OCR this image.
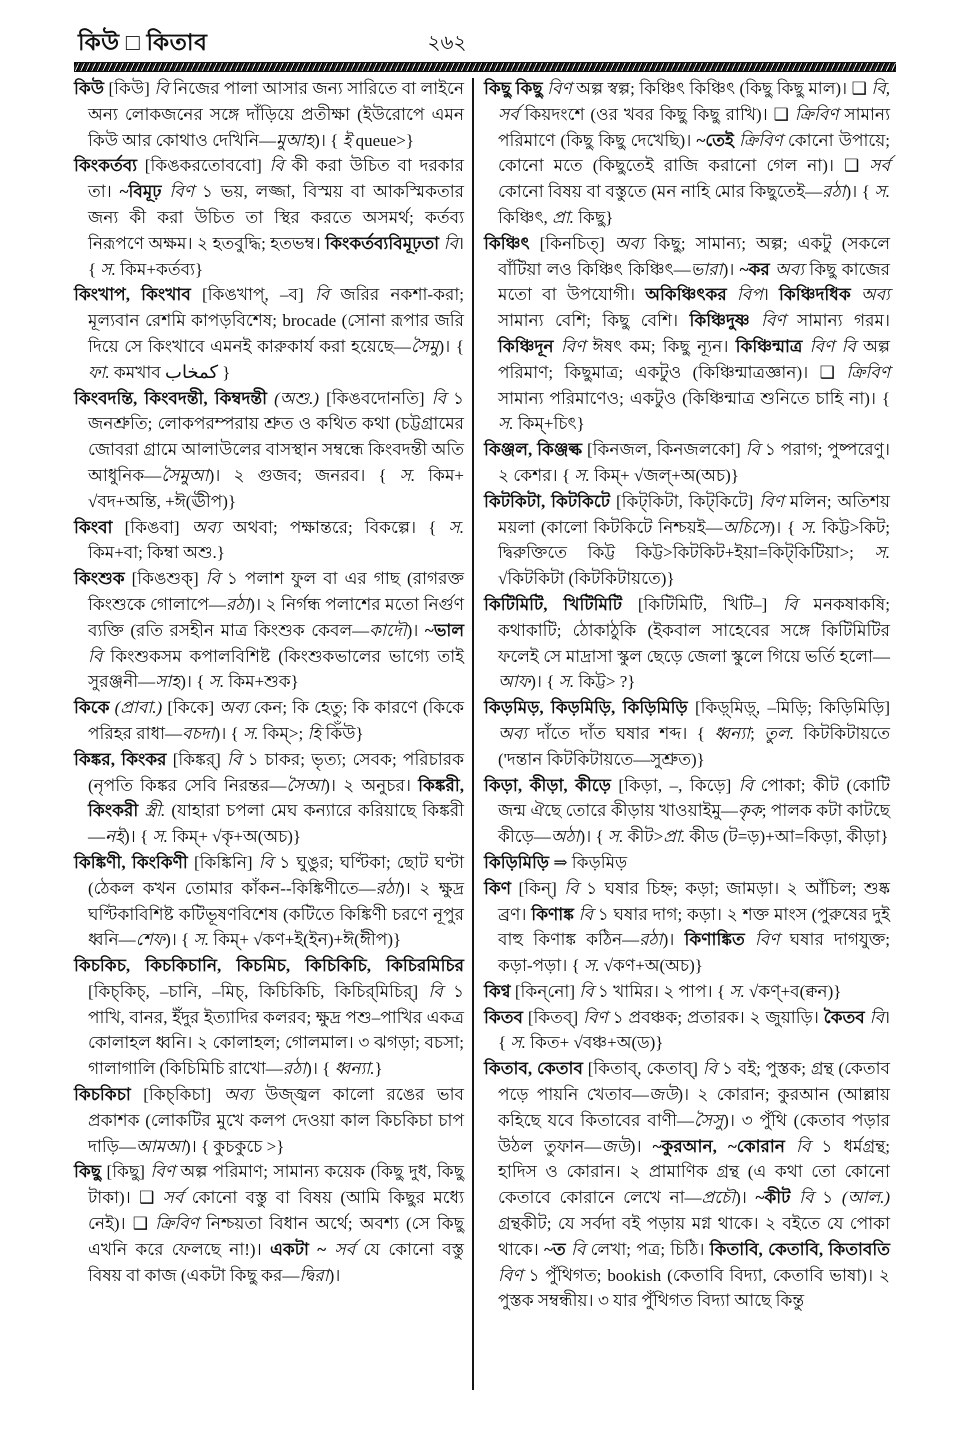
কিউ □ কিতাব	২৬২

কিউ [কিউ] বি নিজের পালা আসার জন্য সারিতে বা লাইনে অন্য লোকজনের সঙ্গে দাঁড়িয়ে প্রতীক্ষা (ইউরোপে এমন কিউ আর কোথাও দেখিনি—মুআহ)। { ই queue>}

কিংকর্তব্য [কিঙকরতোববো] বি কী করা উচিত বা দরকার তা। ~বিমূঢ় বিণ ১ ভয়, লজ্জা, বিস্ময় বা আকস্মিকতার জন্য কী করা উচিত তা স্থির করতে অসমর্থ; কর্তব্য নিরূপণে অক্ষম। ২ হতবুদ্ধি; হতভম্ব। কিংকর্তব্যবিমূঢ়তা বি। { স. কিম+কর্তব্য}

কিংখাপ, কিংখাব [কিঙখাপ্, –ব] বি জরির নকশা-করা; মূল্যবান রেশমি কাপড়বিশেষ; brocade (সোনা রূপার জরি দিয়ে সে কিংখাবে এমনই কারুকার্য করা হয়েছে—সৈমু)। { ফা. কমখাব كمخاب }

কিংবদন্তি, কিংবদন্তী, কিম্বদন্তী (অশু.) [কিঙবদোনতি] বি ১ জনশ্রুতি; লোকপরম্পরায় শ্রুত ও কথিত কথা (চট্টগ্রামের জোবরা গ্রামে আলাউলের বাসস্থান সম্বন্ধে কিংবদন্তী অতি আধুনিক—সৈমুআ)। ২ গুজব; জনরব। { স. কিম+ √বদ+অন্তি, +ঈ(ঊীপ)}

কিংবা [কিঙবা] অব্য অথবা; পক্ষান্তরে; বিকল্পে। { স. কিম+বা; কিম্বা অশু.}

কিংশুক [কিঙশুক্] বি ১ পলাশ ফুল বা এর গাছ (রাগরক্ত কিংশুকে গোলাপে—রঠা)। ২ নির্গন্ধ পলাশের মতো নির্গুণ ব্যক্তি (রতি রসহীন মাত্র কিংশুক কেবল—কাদৌ)। ~ভাল বি কিংশুকসম কপালবিশিষ্ট (কিংশুকভালের ভাগ্যে তাই সুরঞ্জনী—সাহ)। { স. কিম+শুক}

কিকে (প্রাবা.) [কিকে] অব্য কেন; কি হেতু; কি কারণে (কিকে পরিহর রাধা—বচদা)। { স. কিম্>; হি কিঁউ}

কিঙ্কর, কিংকর [কিঙ্কর্] বি ১ চাকর; ভৃত্য; সেবক; পরিচারক (নৃপতি কিঙ্কর সেবি নিরন্তর—সৈআ)। ২ অনুচর। কিঙ্করী, কিংকরী স্ত্রী. (যাহারা চপলা মেঘ কন্যারে করিয়াছে কিঙ্করী—নই)। { স. কিম্+ √কৃ+অ(অচ)}

কিঙ্কিণী, কিংকিণী [কিঙ্কিনি] বি ১ ঘুঙুর; ঘণ্টিকা; ছোট ঘণ্টা (ঠেকল কখন তোমার কাঁকন--কিঙ্কিণীতে—রঠা)। ২ ক্ষুদ্র ঘণ্টিকাবিশিষ্ট কটিভূষণবিশেষ (কটিতে কিঙ্কিণী চরণে নূপুর ধ্বনি—শেফ)। { স. কিম্+ √কণ+ই(ইন)+ঈ(ঈীপ)}

কিচকিচ, কিচকিচানি, কিচমিচ, কিচিকিচি, কিচিরমিচির [কিচ্‌কিচ্, –চানি, –মিচ্, কিচিকিচি, কিচির্‌মিচির্] বি ১ পাখি, বানর, ইঁদুর ইত্যাদির কলরব; ক্ষুদ্র পশু–পাখির একত্র কোলাহল ধ্বনি। ২ কোলাহল; গোলমাল। ৩ ঝগড়া; বচসা; গালাগালি (কিচিমিচি রাখো—রঠা)। { ধ্বন্যা.}

কিচকিচা [কিচ্‌কিচা] অব্য উজ্জ্বল কালো রঙের ভাব প্রকাশক (লোকটির মুখে কলপ দেওয়া কাল কিচকিচা চাপ দাড়ি—আমআ)। { কুচকুচে >}

কিছু [কিছু] বিণ অল্প পরিমাণ; সামান্য কয়েক (কিছু দুধ, কিছু টাকা)। ❑ সর্ব কোনো বস্তু বা বিষয় (আমি কিছুর মধ্যে নেই)। ❑ ক্রিবিণ নিশ্চয়তা বিধান অর্থে; অবশ্য (সে কিছু এখনি করে ফেলছে না!)। একটা ~ সর্ব যে কোনো বস্তু বিষয় বা কাজ (একটা কিছু কর—দ্বিরা)।

কিছু কিছু বিণ অল্প স্বল্প; কিঞ্চিৎ কিঞ্চিৎ (কিছু কিছু মাল)। ❑ বি, সর্ব কিয়দংশে (ওর খবর কিছু কিছু রাখি)। ❑ ক্রিবিণ সামান্য পরিমাণে (কিছু কিছু দেখেছি)। ~তেই ক্রিবিণ কোনো উপায়ে; কোনো মতে (কিছুতেই রাজি করানো গেল না)। ❑ সর্ব কোনো বিষয় বা বস্তুতে (মন নাহি মোর কিছুতেই—রঠা)। { স. কিঞ্চিৎ, প্রা. কিছু}

কিঞ্চিৎ [কিনচিত্] অব্য কিছু; সামান্য; অল্প; একটু (সকলে বাঁটিয়া লও কিঞ্চিৎ কিঞ্চিৎ—ভারা)। ~কর অব্য কিছু কাজের মতো বা উপযোগী। অকিঞ্চিৎকর বিপ। কিঞ্চিদধিক অব্য সামান্য বেশি; কিছু বেশি। কিঞ্চিদুষ্ণ বিণ সামান্য গরম। কিঞ্চিদূন বিণ ঈষৎ কম; কিছু ন্যূন। কিঞ্চিন্মাত্র বিণ বি অল্প পরিমাণ; কিছুমাত্র; একটুও (কিঞ্চিন্মাত্রজ্ঞান)। ❑ ক্রিবিণ সামান্য পরিমাণেও; একটুও (কিঞ্চিন্মাত্র শুনিতে চাহি না)। { স. কিম্+চিৎ}

কিঞ্জল, কিঞ্জল্ক [কিনজল, কিনজলকো] বি ১ পরাগ; পুষ্পরেণু। ২ কেশর। { স. কিম্+ √জল্+অ(অচ)}

কিটকিটা, কিটকিটে [কিট্‌কিটা, কিট্‌কিটে] বিণ মলিন; অতিশয় ময়লা (কালো কিটকিটে নিশ্চয়ই—অচিসে)। { স. কিট্ট>কিট; দ্বিরুক্তিতে কিট্ট কিট্ট>কিটকিট+ইয়া=কিট্‌কিটিয়া>; স. √কিটকিটা (কিটকিটায়তে)}

কিটিমিটি, খিটিমিটি [কিটিমিটি, খিটি–] বি মনকষাকষি; কথাকাটি; ঠোকাঠুকি (ইকবাল সাহেবের সঙ্গে কিটিমিটির ফলেই সে মাদ্রাসা স্কুল ছেড়ে জেলা স্কুলে গিয়ে ভর্তি হলো—আফ)। { স. কিট্ট> ?}

কিড়মিড়, কিড়মিড়ি, কিড়িমিড়ি [কিড়্‌মিড়্, –মিড়ি; কিড়িমিড়ি] অব্য দাঁতে দাঁত ঘষার শব্দ। { ধ্বন্যা; তুল. কিটকিটায়তে ('দন্তান কিটকিটায়তে—সুশ্রুত)}

কিড়া, কীড়া, কীড়ে [কিড়া, –, কিড়ে] বি পোকা; কীট (কোটি জন্ম ঐছে তোরে কীড়ায় খাওয়াইমু—কৃক; পালক কটা কাটছে কীড়ে—অঠা)। { স. কীট>প্রা. কীড (ট=ড়)+আ=কিড়া, কীড়া}

কিড়িমিড়ি ⇒ কিড়মিড়

কিণ [কিন্] বি ১ ঘষার চিহ্ন; কড়া; জামড়া। ২ আঁচিল; শুষ্ক ব্রণ। কিণাঙ্ক বি ১ ঘষার দাগ; কড়া। ২ শক্ত মাংস (পুরুষের দুই বাহু কিণাঙ্ক কঠিন—রঠা)। কিণাঙ্কিত বিণ ঘষার দাগযুক্ত; কড়া-পড়া। { স. √কণ+অ(অচ)}

কিণ্ব [কিন্‌নো] বি ১ খামির। ২ পাপ। { স. √কণ্+ব(ক্বন)}

কিতব [কিতব্] বিণ ১ প্রবঞ্চক; প্রতারক। ২ জুয়াড়ি। কৈতব বি। { স. কিত+ √বঞ্চ+অ(ড)}

কিতাব, কেতাব [কিতাব্, কেতাব্] বি ১ বই; পুস্তক; গ্রন্থ (কেতাব পড়ে পায়নি খেতাব—জউ)। ২ কোরান; কুরআন (আল্লায় কহিছে যবে কিতাবের বাণী—সৈসু)। ৩ পুঁথি (কেতাব পড়ার উঠল তুফান—জউ)। ~কুরআন, ~কোরান বি ১ ধর্মগ্রন্থ; হাদিস ও কোরান। ২ প্রামাণিক গ্রন্থ (এ কথা তো কোনো কেতাবে কোরানে লেখে না—প্রচৌ)। ~কীট বি ১ (আল.) গ্রন্থকীট; যে সর্বদা বই পড়ায় মগ্ন থাকে। ২ বইতে যে পোকা থাকে। ~ত বি লেখা; পত্র; চিঠি। কিতাবি, কেতাবি, কিতাবতি বিণ ১ পুঁথিগত; bookish (কেতাবি বিদ্যা, কেতাবি ভাষা)। ২ পুস্তক সম্বন্ধীয়। ৩ যার পুঁথিগত বিদ্যা আছে কিন্তু
